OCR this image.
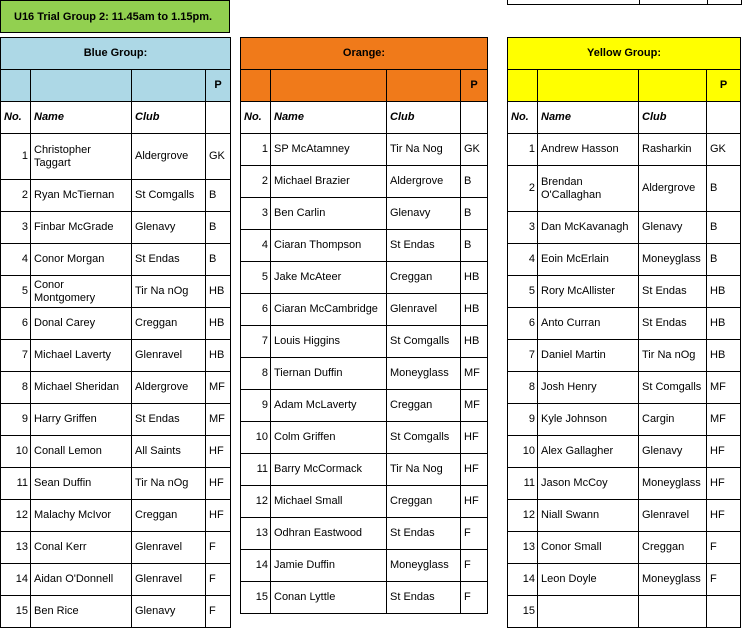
U16 Trial Group 2: 11.45am to 1.15pm.
Blue Group:			
			P
No.	Name	Club	
1	Christopher Taggart	Aldergrove	GK
2	Ryan McTiernan	St Comgalls	B
3	Finbar McGrade	Glenavy	B
4	Conor Morgan	St Endas	B
5	Conor Montgomery	Tir Na nOg	HB
6	Donal Carey	Creggan	HB
7	Michael Laverty	Glenravel	HB
8	Michael Sheridan	Aldergrove	MF
9	Harry Griffen	St Endas	MF
10	Conall Lemon	All Saints	HF
11	Sean Duffin	Tir Na nOg	HF
12	Malachy McIvor	Creggan	HF
13	Conal Kerr	Glenravel	F
14	Aidan O'Donnell	Glenravel	F
15	Ben Rice	Glenavy	F
Orange:			
			P
No.	Name	Club	
1	SP McAtamney	Tir Na Nog	GK
2	Michael Brazier	Aldergrove	B
3	Ben Carlin	Glenavy	B
4	Ciaran Thompson	St Endas	B
5	Jake McAteer	Creggan	HB
6	Ciaran McCambridge	Glenravel	HB
7	Louis Higgins	St Comgalls	HB
8	Tiernan Duffin	Moneyglass	MF
9	Adam McLaverty	Creggan	MF
10	Colm Griffen	St Comgalls	HF
11	Barry McCormack	Tir Na Nog	HF
12	Michael Small	Creggan	HF
13	Odhran Eastwood	St Endas	F
14	Jamie Duffin	Moneyglass	F
15	Conan Lyttle	St Endas	F
Yellow Group:			
			P
No.	Name	Club	
1	Andrew Hasson	Rasharkin	GK
2	Brendan O'Callaghan	Aldergrove	B
3	Dan McKavanagh	Glenavy	B
4	Eoin McErlain	Moneyglass	B
5	Rory McAllister	St Endas	HB
6	Anto Curran	St Endas	HB
7	Daniel Martin	Tir Na nOg	HB
8	Josh Henry	St Comgalls	MF
9	Kyle Johnson	Cargin	MF
10	Alex Gallagher	Glenavy	HF
11	Jason McCoy	Moneyglass	HF
12	Niall Swann	Glenravel	HF
13	Conor Small	Creggan	F
14	Leon Doyle	Moneyglass	F
15			
